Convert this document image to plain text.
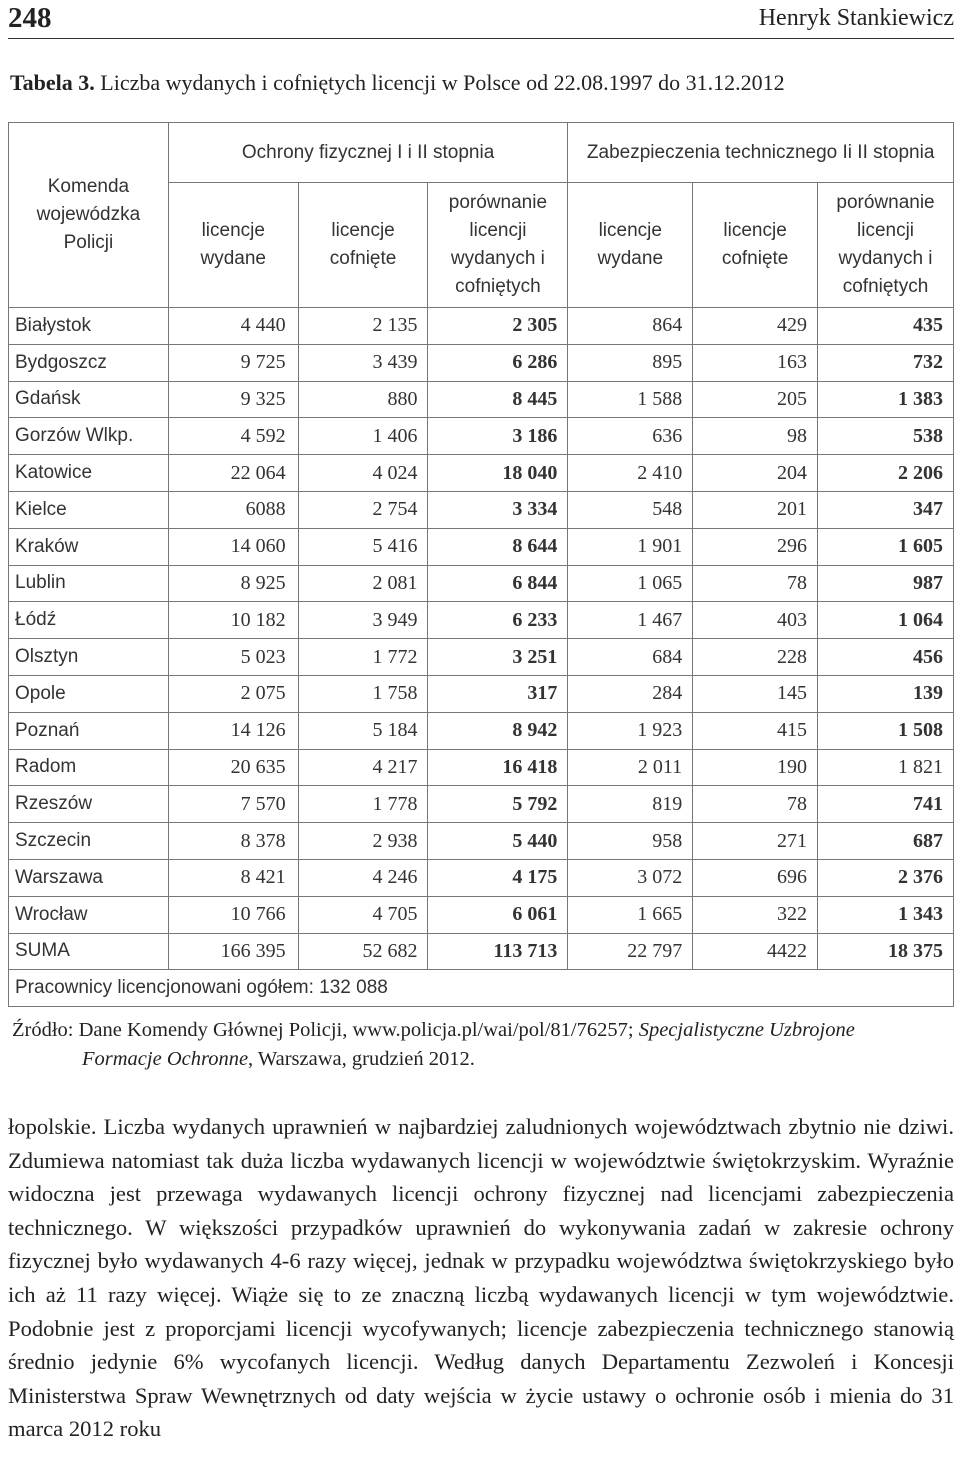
248	Henryk Stankiewicz
Tabela 3. Liczba wydanych i cofniętych licencji w Polsce od 22.08.1997 do 31.12.2012
Komenda wojewódzka Policji	Ochrony fizycznej I i II stopnia			Zabezpieczenia technicznego Ii II stopnia		
	licencje wydane	licencje cofnięte	porównanie licencji wydanych i cofniętych	licencje wydane	licencje cofnięte	porównanie licencji wydanych i cofniętych
Białystok	4 440	2 135	2 305	864	429	435
Bydgoszcz	9 725	3 439	6 286	895	163	732
Gdańsk	9 325	880	8 445	1 588	205	1 383
Gorzów Wlkp.	4 592	1 406	3 186	636	98	538
Katowice	22 064	4 024	18 040	2 410	204	2 206
Kielce	6088	2 754	3 334	548	201	347
Kraków	14 060	5 416	8 644	1 901	296	1 605
Lublin	8 925	2 081	6 844	1 065	78	987
Łódź	10 182	3 949	6 233	1 467	403	1 064
Olsztyn	5 023	1 772	3 251	684	228	456
Opole	2 075	1 758	317	284	145	139
Poznań	14 126	5 184	8 942	1 923	415	1 508
Radom	20 635	4 217	16 418	2 011	190	1 821
Rzeszów	7 570	1 778	5 792	819	78	741
Szczecin	8 378	2 938	5 440	958	271	687
Warszawa	8 421	4 246	4 175	3 072	696	2 376
Wrocław	10 766	4 705	6 061	1 665	322	1 343
SUMA	166 395	52 682	113 713	22 797	4422	18 375
Pracownicy licencjonowani ogółem: 132 088						
Źródło: Dane Komendy Głównej Policji, www.policja.pl/wai/pol/81/76257; Specjalistyczne Uzbrojone
Formacje Ochronne, Warszawa, grudzień 2012.

łopolskie. Liczba wydanych uprawnień w najbardziej zaludnionych województwach zbytnio nie dziwi. Zdumiewa natomiast tak duża liczba wydawanych licencji w województwie świętokrzyskim. Wyraźnie widoczna jest przewaga wydawanych licencji ochrony fizycznej nad licencjami zabezpieczenia technicznego. W większości przypadków uprawnień do wykonywania zadań w zakresie ochrony fizycznej było wydawanych 4-6 razy więcej, jednak w przypadku województwa świętokrzyskiego było ich aż 11 razy więcej. Wiąże się to ze znaczną liczbą wydawanych licencji w tym województwie. Podobnie jest z proporcjami licencji wycofywanych; licencje zabezpieczenia technicznego stanowią średnio jedynie 6% wycofanych licencji. Według danych Departamentu Zezwoleń i Koncesji Ministerstwa Spraw Wewnętrznych od daty wejścia w życie ustawy o ochronie osób i mienia do 31 marca 2012 roku
